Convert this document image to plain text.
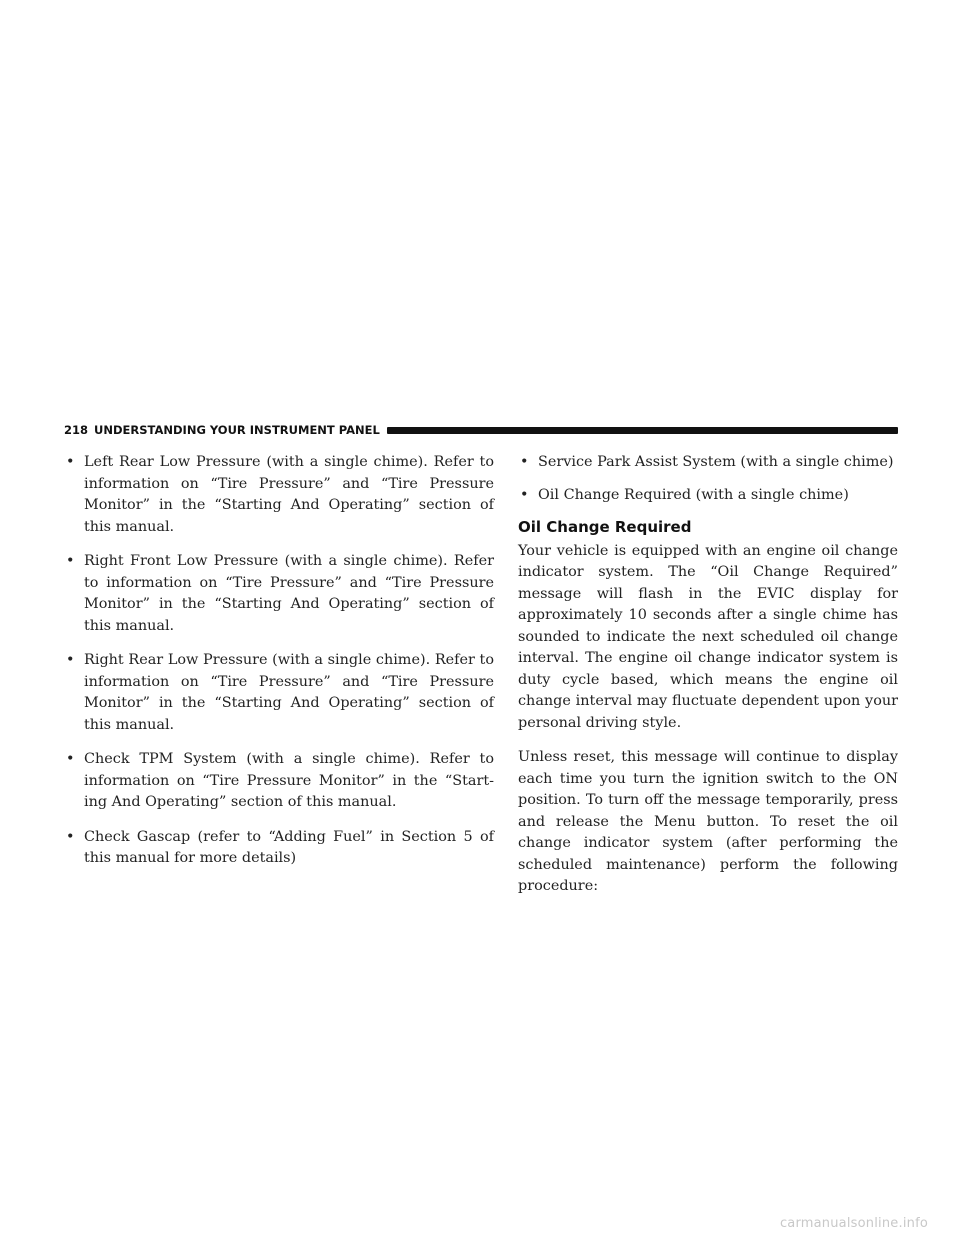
218 UNDERSTANDING YOUR INSTRUMENT PANEL
• Left Rear Low Pressure (with a single chime). Refer to information on “Tire Pressure” and “Tire Pressure Monitor” in the “Starting And Operating” section of this manual.
• Right Front Low Pressure (with a single chime). Refer to information on “Tire Pressure” and “Tire Pressure Monitor” in the “Starting And Operating” section of this manual.
• Right Rear Low Pressure (with a single chime). Refer to information on “Tire Pressure” and “Tire Pressure Monitor” in the “Starting And Operating” section of this manual.
• Check TPM System (with a single chime). Refer to information on “Tire Pressure Monitor” in the “Start-ing And Operating” section of this manual.
• Check Gascap (refer to “Adding Fuel” in Section 5 of this manual for more details)
• Service Park Assist System (with a single chime)
• Oil Change Required (with a single chime)
Oil Change Required

Your vehicle is equipped with an engine oil change indicator system. The “Oil Change Required” message will flash in the EVIC display for approximately 10 seconds after a single chime has sounded to indicate the next scheduled oil change interval. The engine oil change indicator system is duty cycle based, which means the engine oil change interval may fluctuate dependent upon your personal driving style.

Unless reset, this message will continue to display each time you turn the ignition switch to the ON position. To turn off the message temporarily, press and release the Menu button. To reset the oil change indicator system (after performing the scheduled maintenance) perform the following procedure:

carmanualsonline.info
